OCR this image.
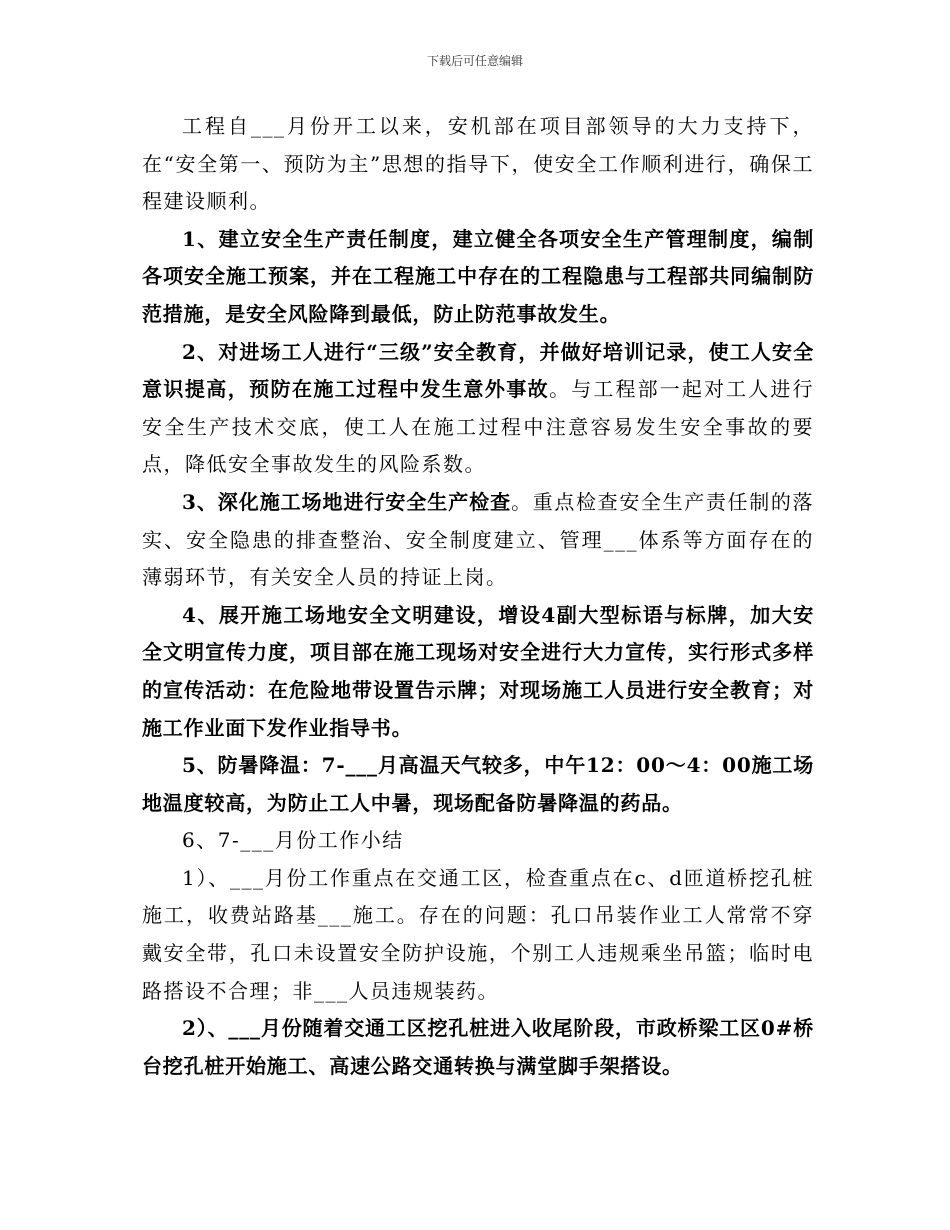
下载后可任意编辑

工程自___月份开工以来，安机部在项目部领导的大力支持下，在“安全第一、预防为主”思想的指导下，使安全工作顺利进行，确保工程建设顺利。

1、建立安全生产责任制度，建立健全各项安全生产管理制度，编制各项安全施工预案，并在工程施工中存在的工程隐患与工程部共同编制防范措施，是安全风险降到最低，防止防范事故发生。

2、对进场工人进行“三级”安全教育，并做好培训记录，使工人安全意识提高，预防在施工过程中发生意外事故。与工程部一起对工人进行安全生产技术交底，使工人在施工过程中注意容易发生安全事故的要点，降低安全事故发生的风险系数。

3、深化施工场地进行安全生产检查。重点检查安全生产责任制的落实、安全隐患的排查整治、安全制度建立、管理___体系等方面存在的薄弱环节，有关安全人员的持证上岗。

4、展开施工场地安全文明建设，增设4副大型标语与标牌，加大安全文明宣传力度，项目部在施工现场对安全进行大力宣传，实行形式多样的宣传活动：在危险地带设置告示牌；对现场施工人员进行安全教育；对施工作业面下发作业指导书。

5、防暑降温：7-___月高温天气较多，中午12：00～4：00施工场地温度较高，为防止工人中暑，现场配备防暑降温的药品。

6、7-___月份工作小结

1）、___月份工作重点在交通工区，检查重点在c、d匝道桥挖孔桩施工，收费站路基___施工。存在的问题：孔口吊装作业工人常常不穿戴安全带，孔口未设置安全防护设施，个别工人违规乘坐吊篮；临时电路搭设不合理；非___人员违规装药。

2）、___月份随着交通工区挖孔桩进入收尾阶段，市政桥梁工区0#桥台挖孔桩开始施工、高速公路交通转换与满堂脚手架搭设。
